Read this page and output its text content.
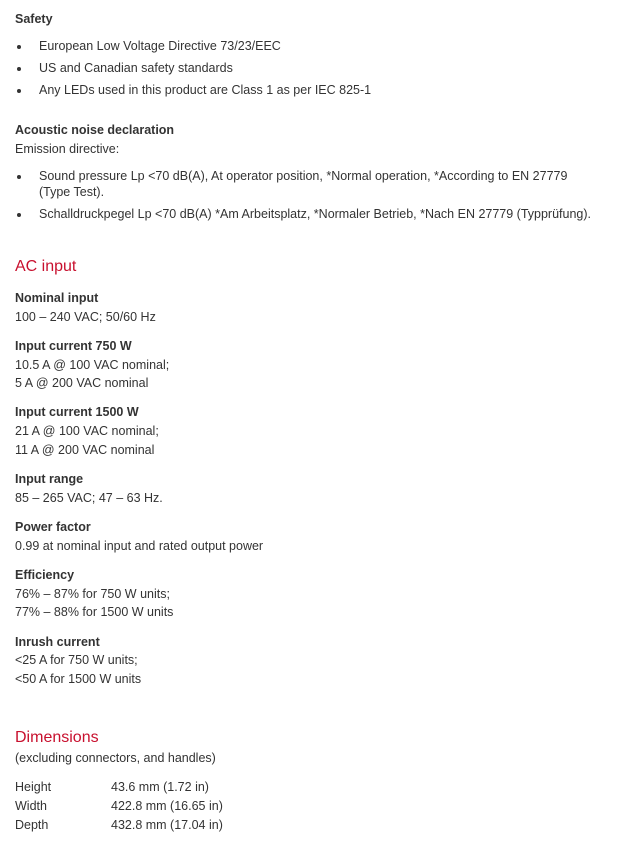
Safety
European Low Voltage Directive 73/23/EEC
US and Canadian safety standards
Any LEDs used in this product are Class 1 as per IEC 825-1
Acoustic noise declaration
Emission directive:
Sound pressure Lp <70 dB(A), At operator position, *Normal operation, *According to EN 27779
(Type Test).
Schalldruckpegel Lp <70 dB(A) *Am Arbeitsplatz, *Normaler Betrieb, *Nach EN 27779 (Typprüfung).
AC input
Nominal input
100 – 240 VAC; 50/60 Hz
Input current 750 W
10.5 A @ 100 VAC nominal;
5 A @ 200 VAC nominal
Input current 1500 W
21 A @ 100 VAC nominal;
11 A @ 200 VAC nominal
Input range
85 – 265 VAC; 47 – 63 Hz.
Power factor
0.99 at nominal input and rated output power
Efficiency
76% – 87% for 750 W units;
77% – 88% for 1500 W units
Inrush current
<25 A for 750 W units;
<50 A for 1500 W units
Dimensions
(excluding connectors, and handles)
Height	43.6 mm (1.72 in)
Width	422.8 mm (16.65 in)
Depth	432.8 mm (17.04 in)
